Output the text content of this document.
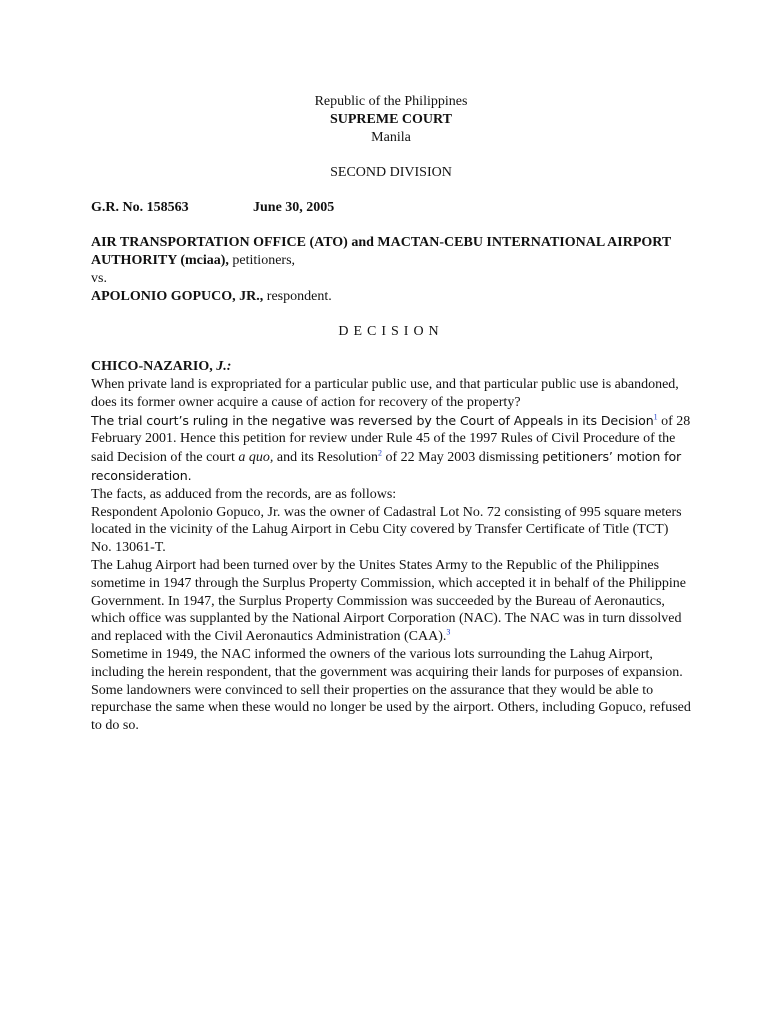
Republic of the Philippines
SUPREME COURT
Manila
SECOND DIVISION
G.R. No. 158563	June 30, 2005
AIR TRANSPORTATION OFFICE (ATO) and MACTAN-CEBU INTERNATIONAL AIRPORT AUTHORITY (mciaa), petitioners,
vs.
APOLONIO GOPUCO, JR., respondent.
DECISION
CHICO-NAZARIO, J.:

When private land is expropriated for a particular public use, and that particular public use is abandoned, does its former owner acquire a cause of action for recovery of the property?

The trial court’s ruling in the negative was reversed by the Court of Appeals in its Decision$^1$ of 28 February 2001. Hence this petition for review under Rule 45 of the 1997 Rules of Civil Procedure of the said Decision of the court a quo, and its Resolution$^2$ of 22 May 2003 dismissing petitioners’ motion for reconsideration.

The facts, as adduced from the records, are as follows:

Respondent Apolonio Gopuco, Jr. was the owner of Cadastral Lot No. 72 consisting of 995 square meters located in the vicinity of the Lahug Airport in Cebu City covered by Transfer Certificate of Title (TCT) No. 13061-T.

The Lahug Airport had been turned over by the Unites States Army to the Republic of the Philippines sometime in 1947 through the Surplus Property Commission, which accepted it in behalf of the Philippine Government. In 1947, the Surplus Property Commission was succeeded by the Bureau of Aeronautics, which office was supplanted by the National Airport Corporation (NAC). The NAC was in turn dissolved and replaced with the Civil Aeronautics Administration (CAA).$^3$

Sometime in 1949, the NAC informed the owners of the various lots surrounding the Lahug Airport, including the herein respondent, that the government was acquiring their lands for purposes of expansion. Some landowners were convinced to sell their properties on the assurance that they would be able to repurchase the same when these would no longer be used by the airport. Others, including Gopuco, refused to do so.
